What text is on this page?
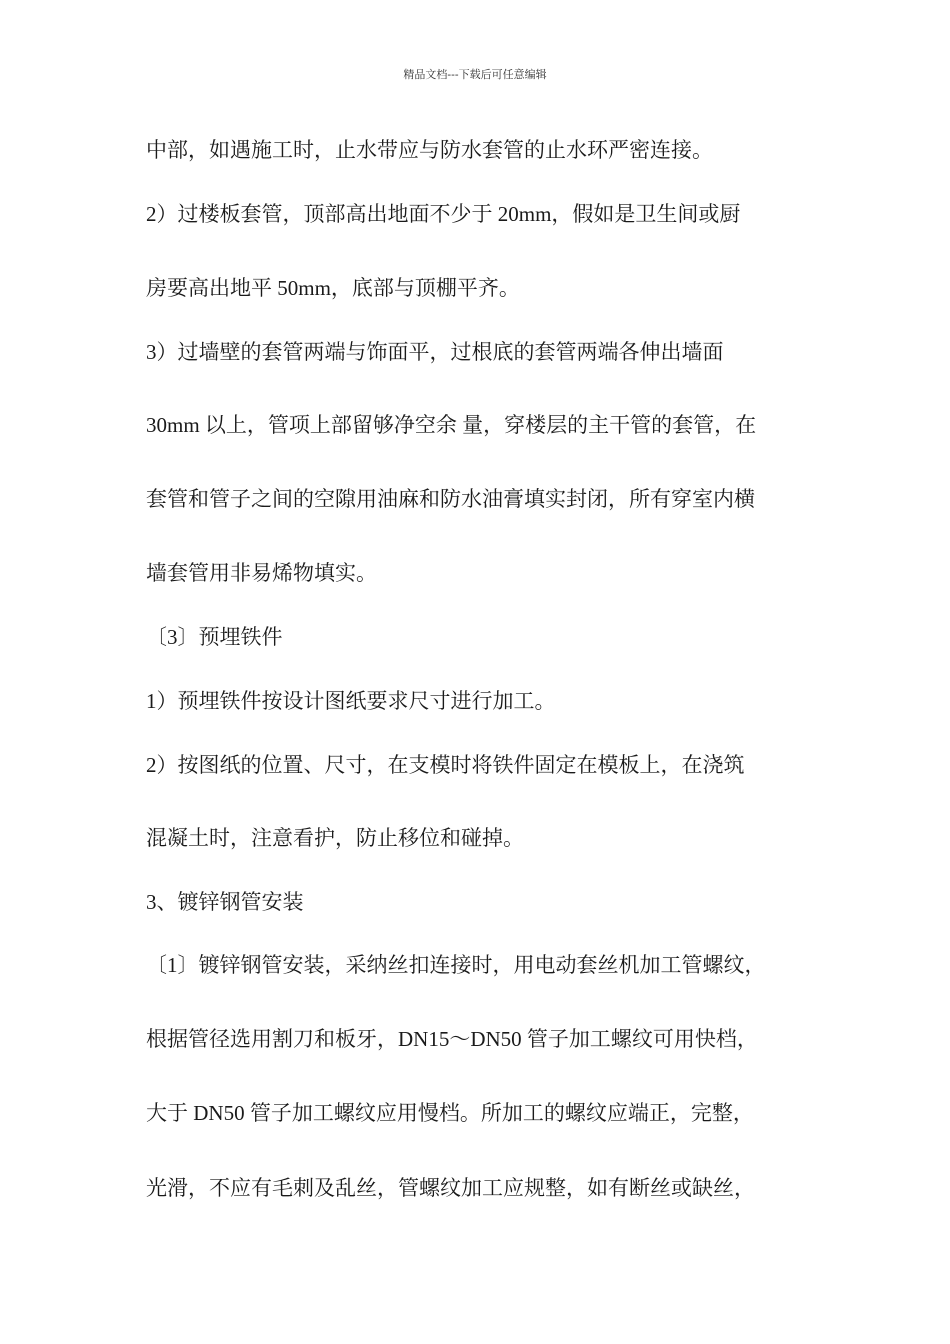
精品文档---下载后可任意编辑
中部，如遇施工时，止水带应与防水套管的止水环严密连接。
2）过楼板套管，顶部高出地面不少于 20mm，假如是卫生间或厨
房要高出地平 50mm，底部与顶棚平齐。
3）过墙壁的套管两端与饰面平，过根底的套管两端各伸出墙面
30mm 以上，管项上部留够净空余 量，穿楼层的主干管的套管，在
套管和管子之间的空隙用油麻和防水油膏填实封闭，所有穿室内横
墙套管用非易烯物填实。
〔3〕预埋铁件
1）预埋铁件按设计图纸要求尺寸进行加工。
2）按图纸的位置、尺寸，在支模时将铁件固定在模板上，在浇筑
混凝土时，注意看护，防止移位和碰掉。
3、镀锌钢管安装
〔1〕镀锌钢管安装，采纳丝扣连接时，用电动套丝机加工管螺纹，
根据管径选用割刀和板牙，DN15～DN50 管子加工螺纹可用快档，
大于 DN50 管子加工螺纹应用慢档。所加工的螺纹应端正，完整，
光滑，不应有毛刺及乱丝，管螺纹加工应规整，如有断丝或缺丝，
